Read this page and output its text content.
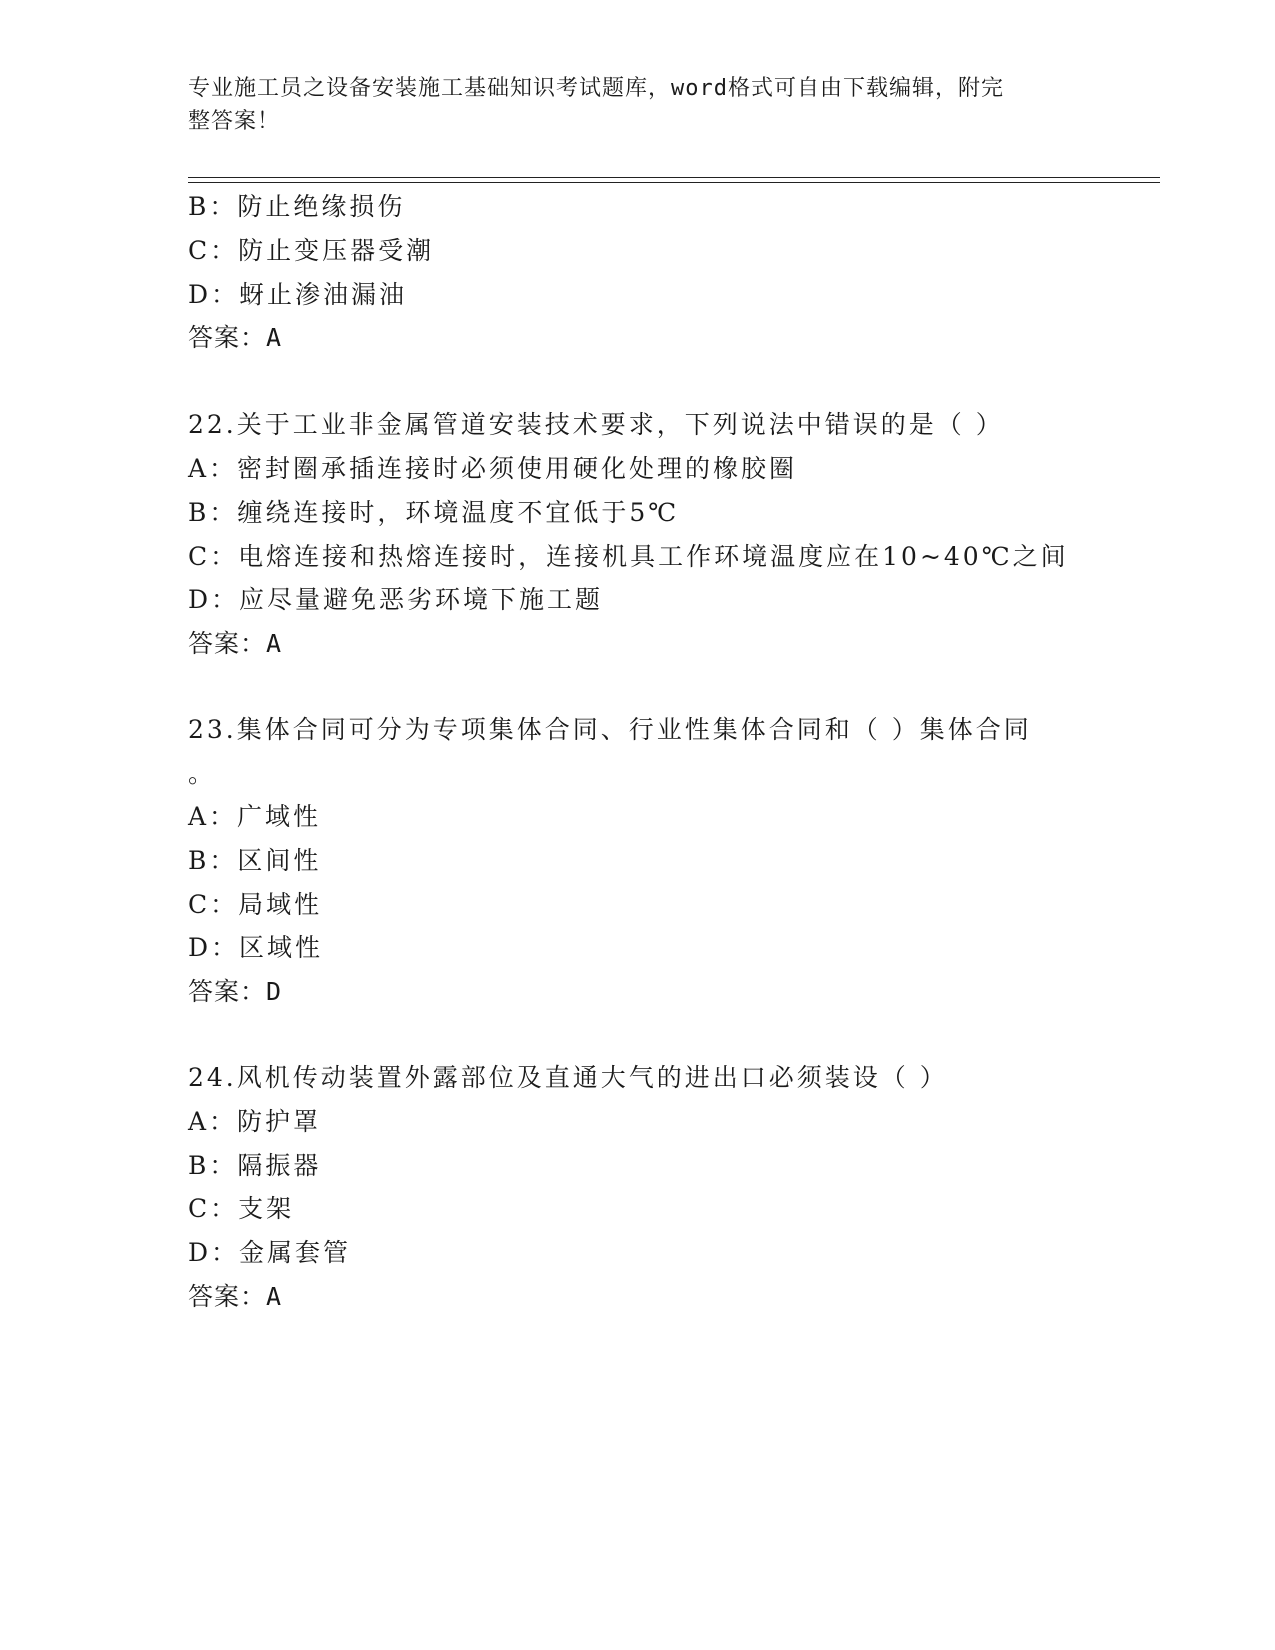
专业施工员之设备安装施工基础知识考试题库，word格式可自由下载编辑，附完
整答案！
B：防止绝缘损伤
C：防止变压器受潮
D：蚜止渗油漏油
答案：A
22.关于工业非金属管道安装技术要求，下列说法中错误的是（ ）
A：密封圈承插连接时必须使用硬化处理的橡胶圈
B：缠绕连接时，环境温度不宜低于5℃
C：电熔连接和热熔连接时，连接机具工作环境温度应在10~40℃之间
D：应尽量避免恶劣环境下施工题
答案：A
23.集体合同可分为专项集体合同、行业性集体合同和（ ）集体合同
。
A：广域性
B：区间性
C：局域性
D：区域性
答案：D
24.风机传动装置外露部位及直通大气的进出口必须装设（ ）
A：防护罩
B：隔振器
C：支架
D：金属套管
答案：A
